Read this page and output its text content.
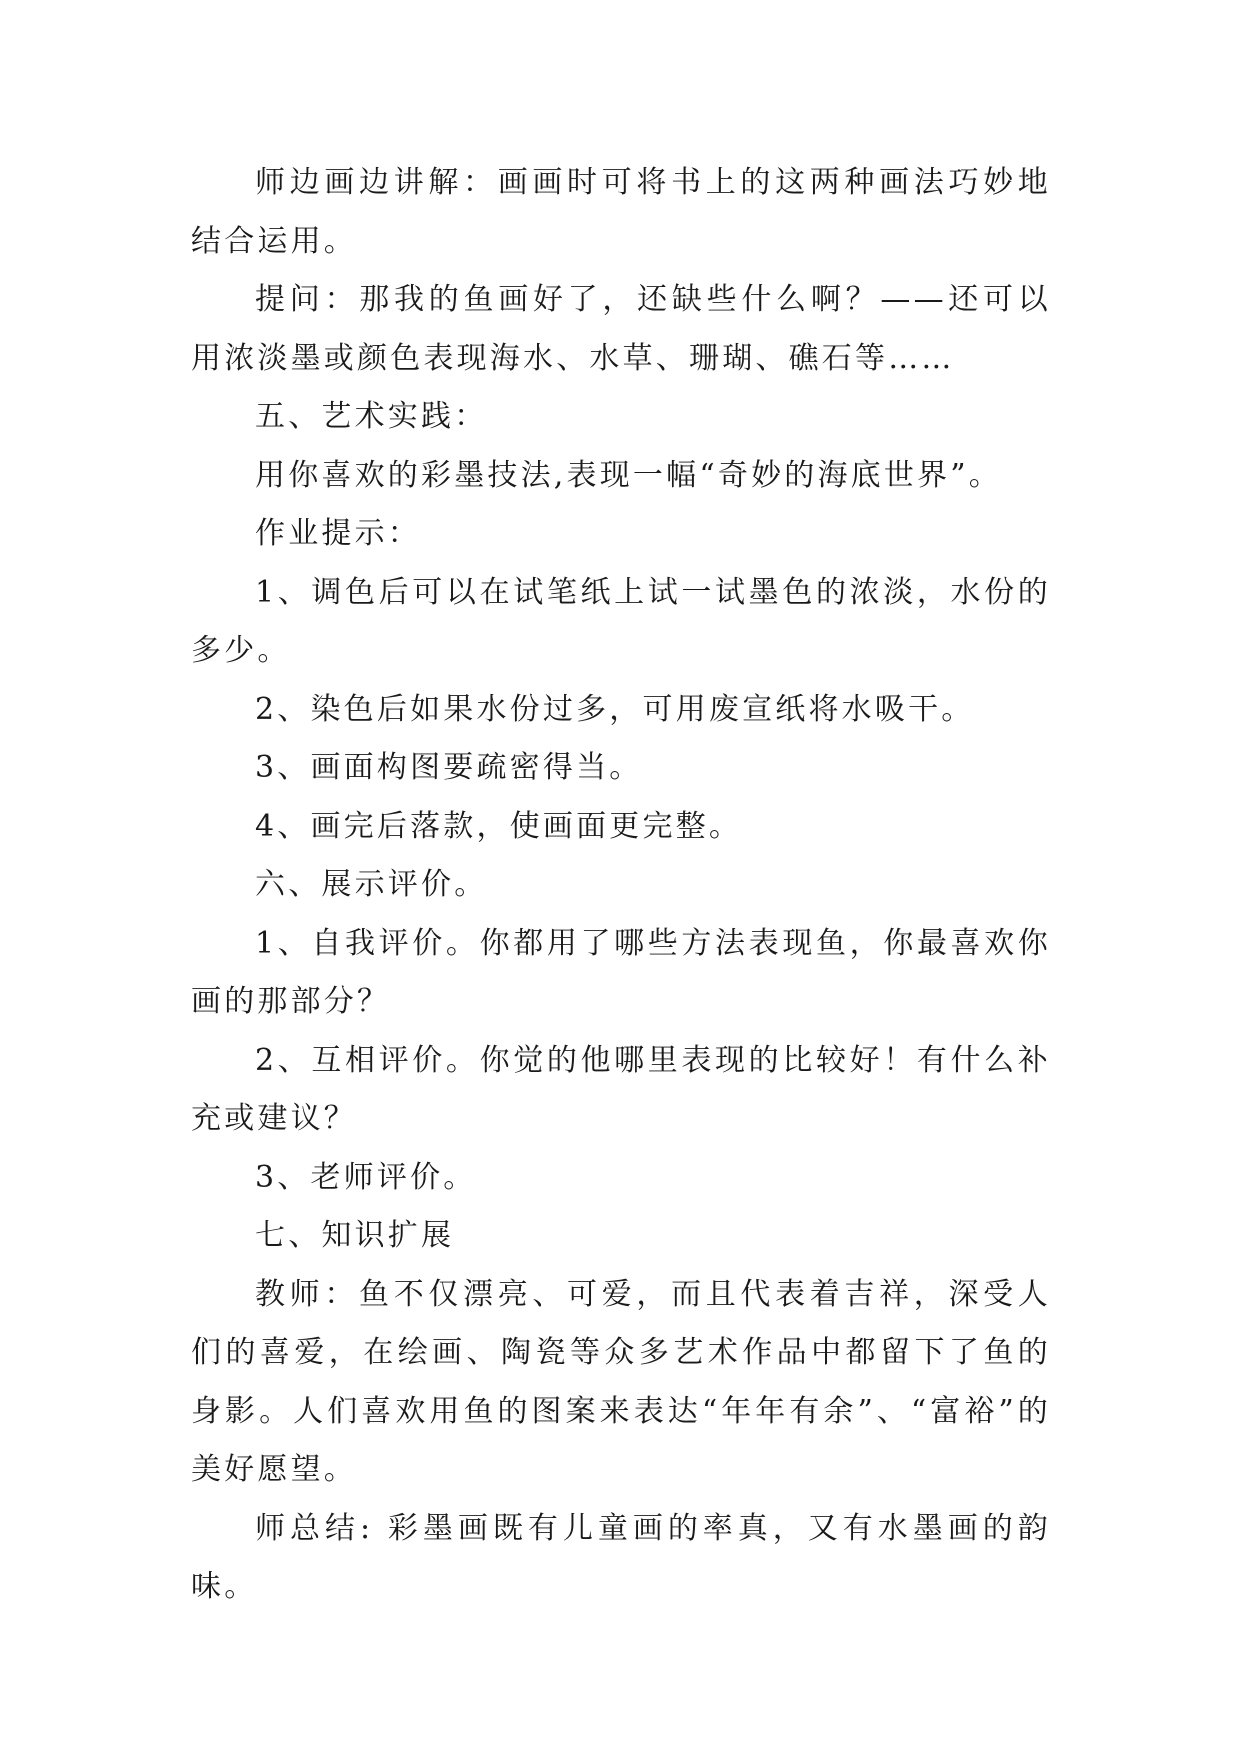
师边画边讲解：画画时可将书上的这两种画法巧妙地结合运用。

提问：那我的鱼画好了，还缺些什么啊？——还可以用浓淡墨或颜色表现海水、水草、珊瑚、礁石等……

五、艺术实践：

用你喜欢的彩墨技法,表现一幅“奇妙的海底世界”。

作业提示：

1、调色后可以在试笔纸上试一试墨色的浓淡，水份的多少。

2、染色后如果水份过多，可用废宣纸将水吸干。

3、画面构图要疏密得当。

4、画完后落款，使画面更完整。

六、展示评价。

1、自我评价。你都用了哪些方法表现鱼，你最喜欢你画的那部分？

2、互相评价。你觉的他哪里表现的比较好！有什么补充或建议？

3、老师评价。

七、知识扩展

教师：鱼不仅漂亮、可爱，而且代表着吉祥，深受人们的喜爱，在绘画、陶瓷等众多艺术作品中都留下了鱼的身影。人们喜欢用鱼的图案来表达“年年有余”、“富裕”的美好愿望。

师总结: 彩墨画既有儿童画的率真，又有水墨画的韵味。
